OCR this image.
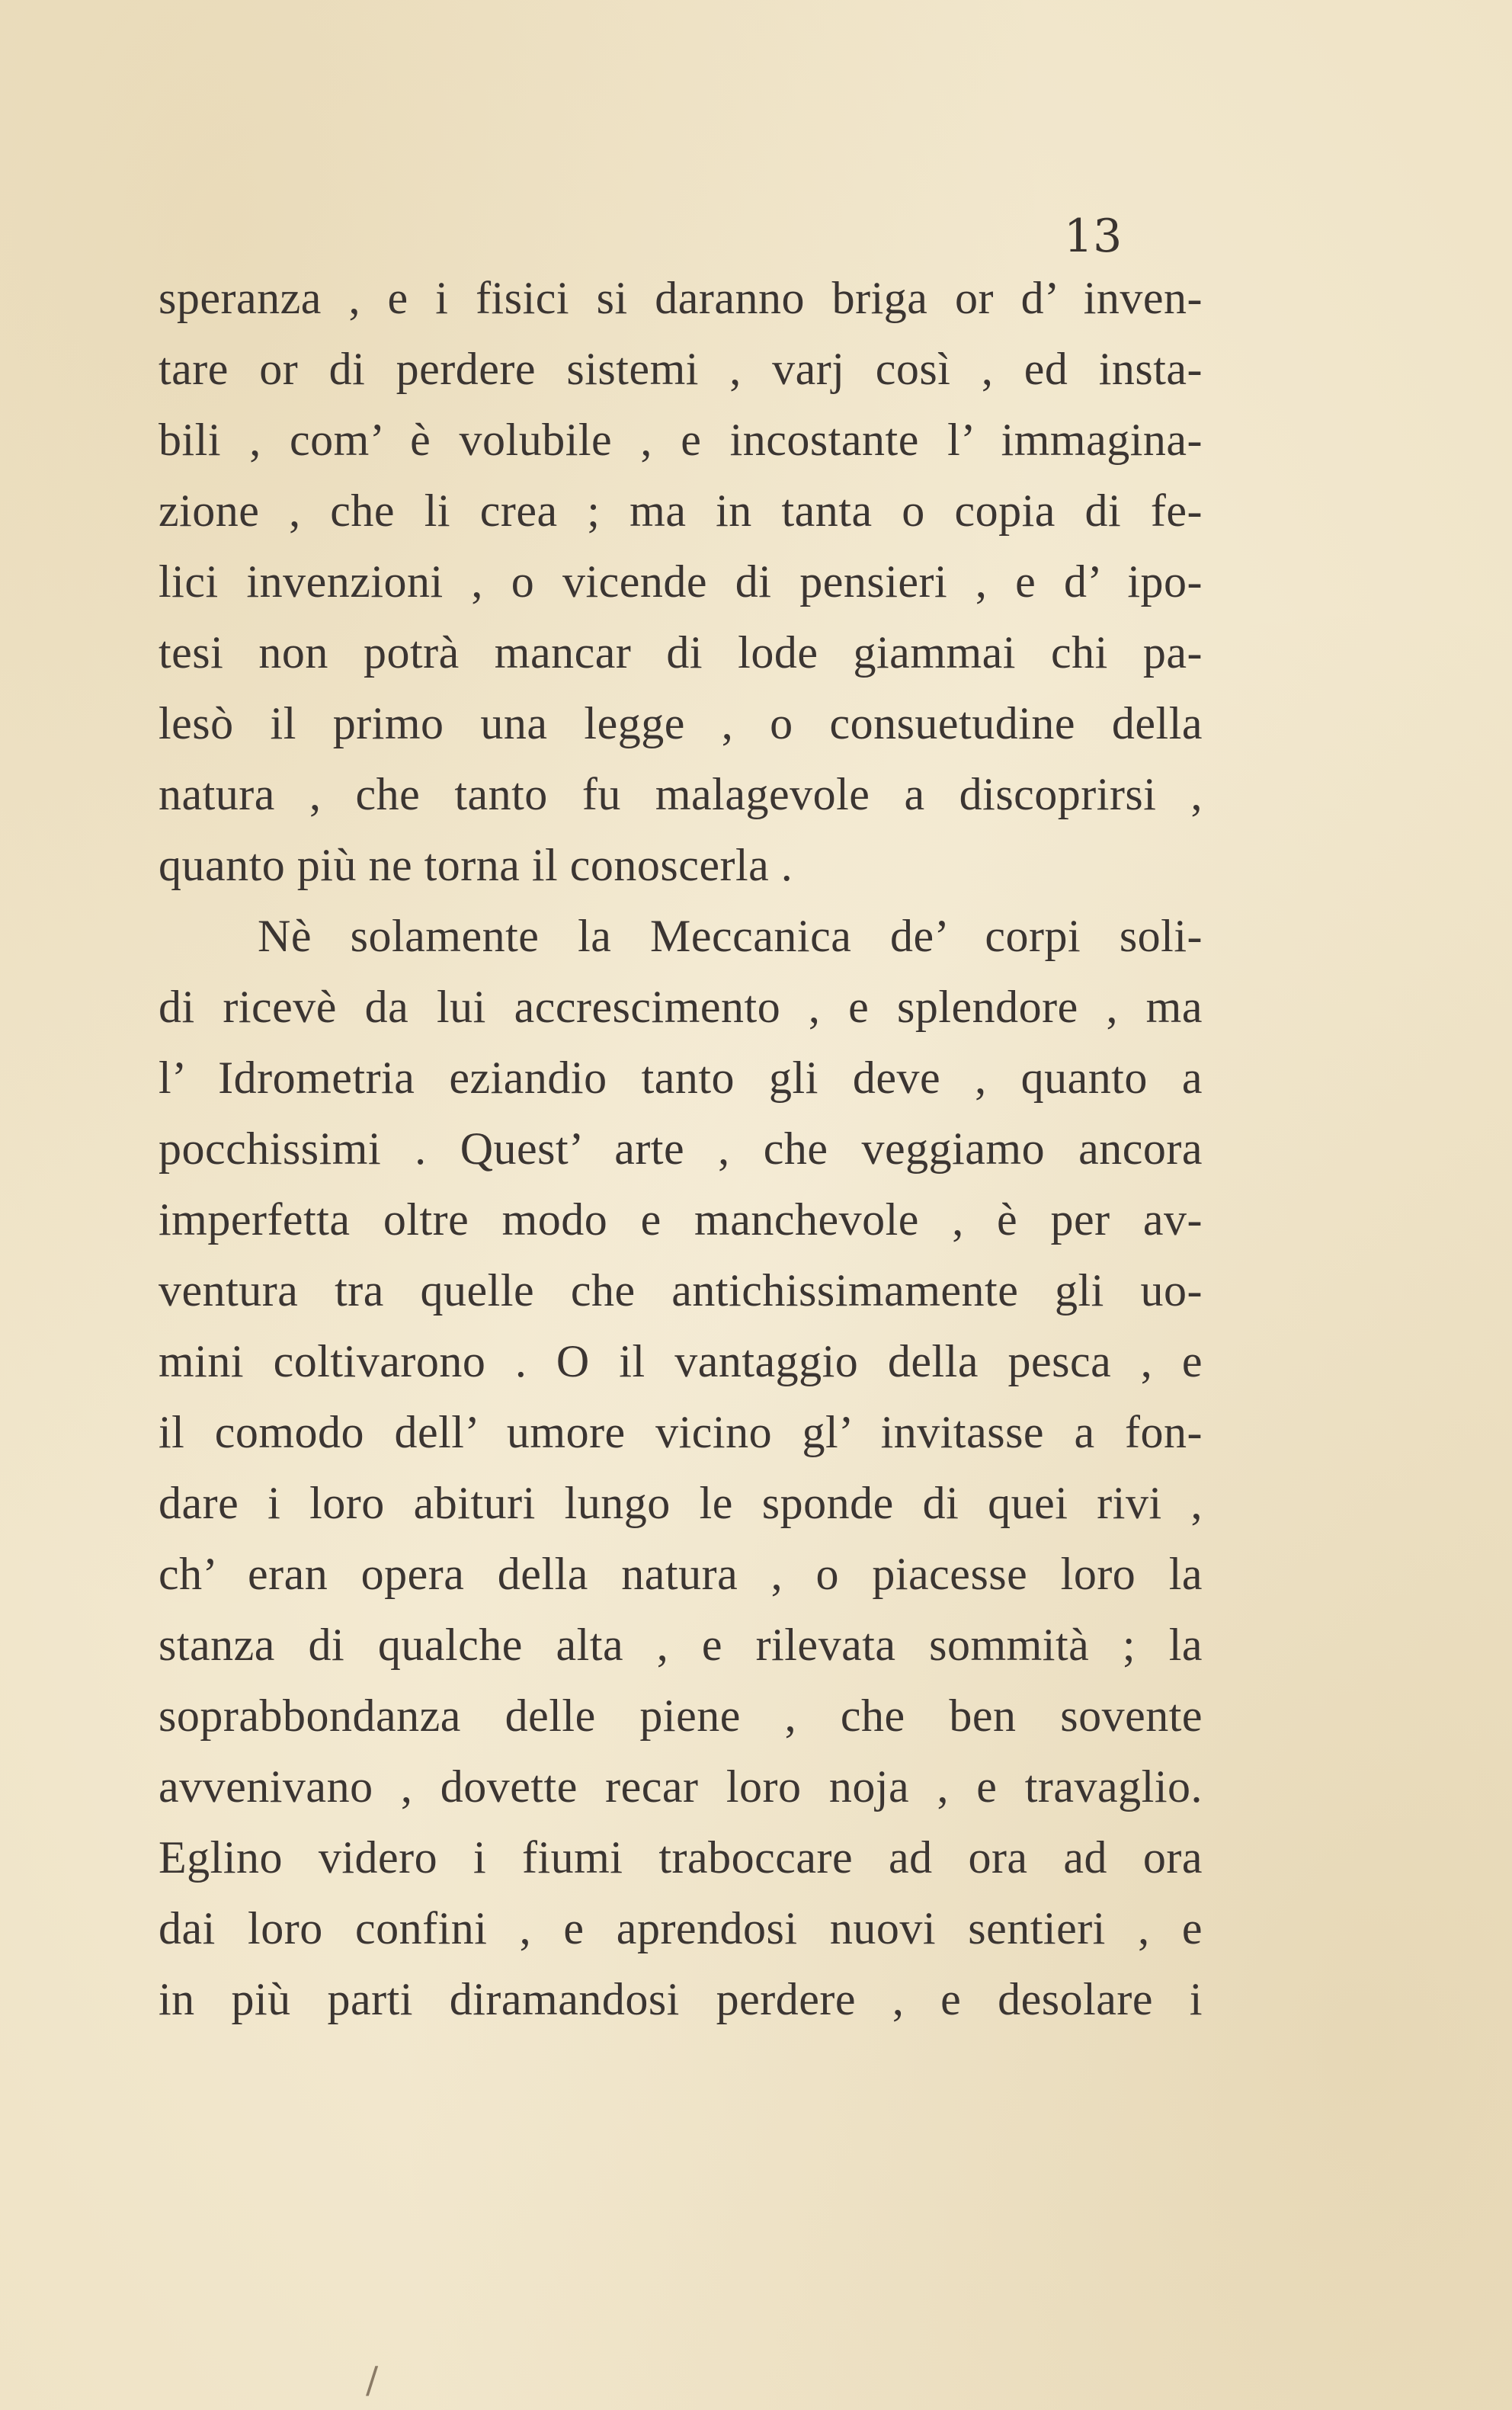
13
speranza , e i fisici si daranno briga or d’ inven-
tare or di perdere sistemi , varj così , ed insta-
bili , com’ è volubile , e incostante l’ immagina-
zione , che li crea ; ma in tanta o copia di fe-
lici invenzioni , o vicende di pensieri , e d’ ipo-
tesi non potrà mancar di lode giammai chi pa-
lesò il primo una legge , o consuetudine della
natura , che tanto fu malagevole a discoprirsi ,
quanto più ne torna il conoscerla .
Nè solamente la Meccanica de’ corpi soli-
di ricevè da lui accrescimento , e splendore , ma
l’ Idrometria eziandio tanto gli deve , quanto a
pocchissimi . Quest’ arte , che veggiamo ancora
imperfetta oltre modo e manchevole , è per av-
ventura tra quelle che antichissimamente gli uo-
mini coltivarono . O il vantaggio della pesca , e
il comodo dell’ umore vicino gl’ invitasse a fon-
dare i loro abituri lungo le sponde di quei rivi ,
ch’ eran opera della natura , o piacesse loro la
stanza di qualche alta , e rilevata sommità ; la
soprabbondanza delle piene , che ben sovente
avvenivano , dovette recar loro noja , e travaglio.
Eglino videro i fiumi traboccare ad ora ad ora
dai loro confini , e aprendosi nuovi sentieri , e
in più parti diramandosi perdere , e desolare i
/
